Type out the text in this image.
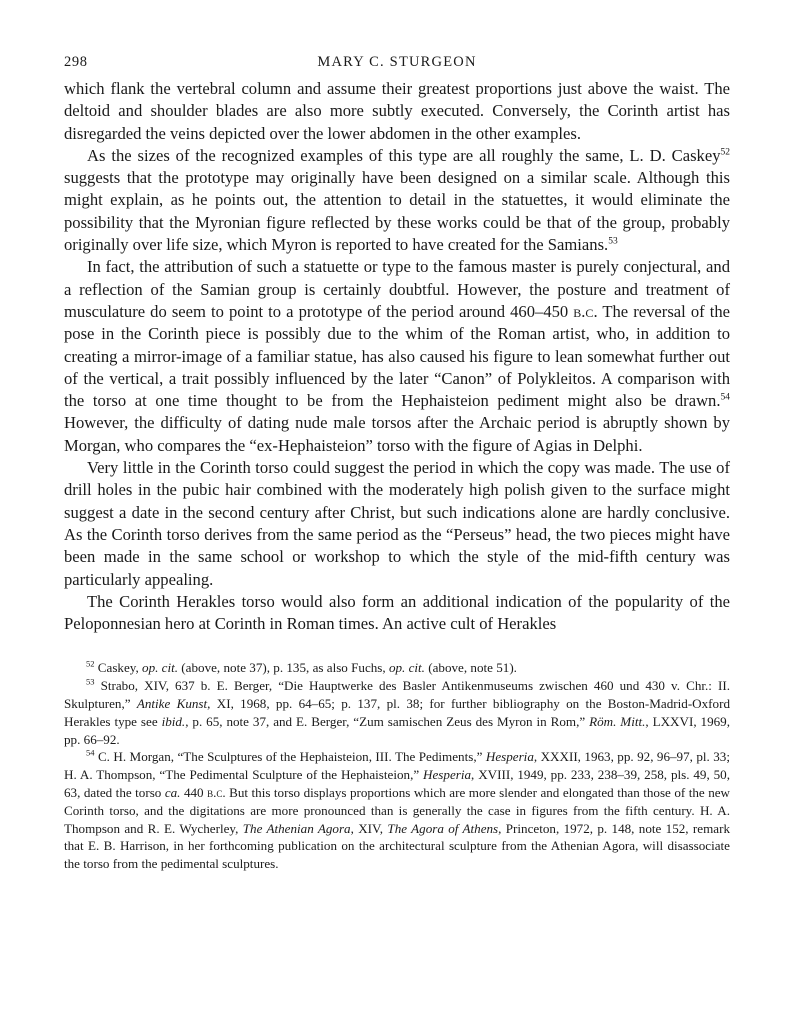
298	MARY C. STURGEON

which flank the vertebral column and assume their greatest proportions just above the waist. The deltoid and shoulder blades are also more subtly executed. Conversely, the Corinth artist has disregarded the veins depicted over the lower abdomen in the other examples.

As the sizes of the recognized examples of this type are all roughly the same, L. D. Caskey$^{52}$ suggests that the prototype may originally have been designed on a similar scale. Although this might explain, as he points out, the attention to detail in the statuettes, it would eliminate the possibility that the Myronian figure reflected by these works could be that of the group, probably originally over life size, which Myron is reported to have created for the Samians.$^{53}$

In fact, the attribution of such a statuette or type to the famous master is purely conjectural, and a reflection of the Samian group is certainly doubtful. However, the posture and treatment of musculature do seem to point to a prototype of the period around 460–450 b.c. The reversal of the pose in the Corinth piece is possibly due to the whim of the Roman artist, who, in addition to creating a mirror-image of a familiar statue, has also caused his figure to lean somewhat further out of the vertical, a trait possibly influenced by the later “Canon” of Polykleitos. A comparison with the torso at one time thought to be from the Hephaisteion pediment might also be drawn.$^{54}$ However, the difficulty of dating nude male torsos after the Archaic period is abruptly shown by Morgan, who compares the “ex-Hephaisteion” torso with the figure of Agias in Delphi.

Very little in the Corinth torso could suggest the period in which the copy was made. The use of drill holes in the pubic hair combined with the moderately high polish given to the surface might suggest a date in the second century after Christ, but such indications alone are hardly conclusive. As the Corinth torso derives from the same period as the “Perseus” head, the two pieces might have been made in the same school or workshop to which the style of the mid-fifth century was particularly appealing.

The Corinth Herakles torso would also form an additional indication of the popularity of the Peloponnesian hero at Corinth in Roman times. An active cult of Herakles

$^{52}$ Caskey, op. cit. (above, note 37), p. 135, as also Fuchs, op. cit. (above, note 51).

$^{53}$ Strabo, XIV, 637 b. E. Berger, “Die Hauptwerke des Basler Antikenmuseums zwischen 460 und 430 v. Chr.: II. Skulpturen,” Antike Kunst, XI, 1968, pp. 64–65; p. 137, pl. 38; for further bibliography on the Boston-Madrid-Oxford Herakles type see ibid., p. 65, note 37, and E. Berger, “Zum samischen Zeus des Myron in Rom,” Röm. Mitt., LXXVI, 1969, pp. 66–92.

$^{54}$ C. H. Morgan, “The Sculptures of the Hephaisteion, III. The Pediments,” Hesperia, XXXII, 1963, pp. 92, 96–97, pl. 33; H. A. Thompson, “The Pedimental Sculpture of the Hephaisteion,” Hesperia, XVIII, 1949, pp. 233, 238–39, 258, pls. 49, 50, 63, dated the torso ca. 440 b.c. But this torso displays proportions which are more slender and elongated than those of the new Corinth torso, and the digitations are more pronounced than is generally the case in figures from the fifth century. H. A. Thompson and R. E. Wycherley, The Athenian Agora, XIV, The Agora of Athens, Princeton, 1972, p. 148, note 152, remark that E. B. Harrison, in her forthcoming publication on the architectural sculpture from the Athenian Agora, will disassociate the torso from the pedimental sculptures.
